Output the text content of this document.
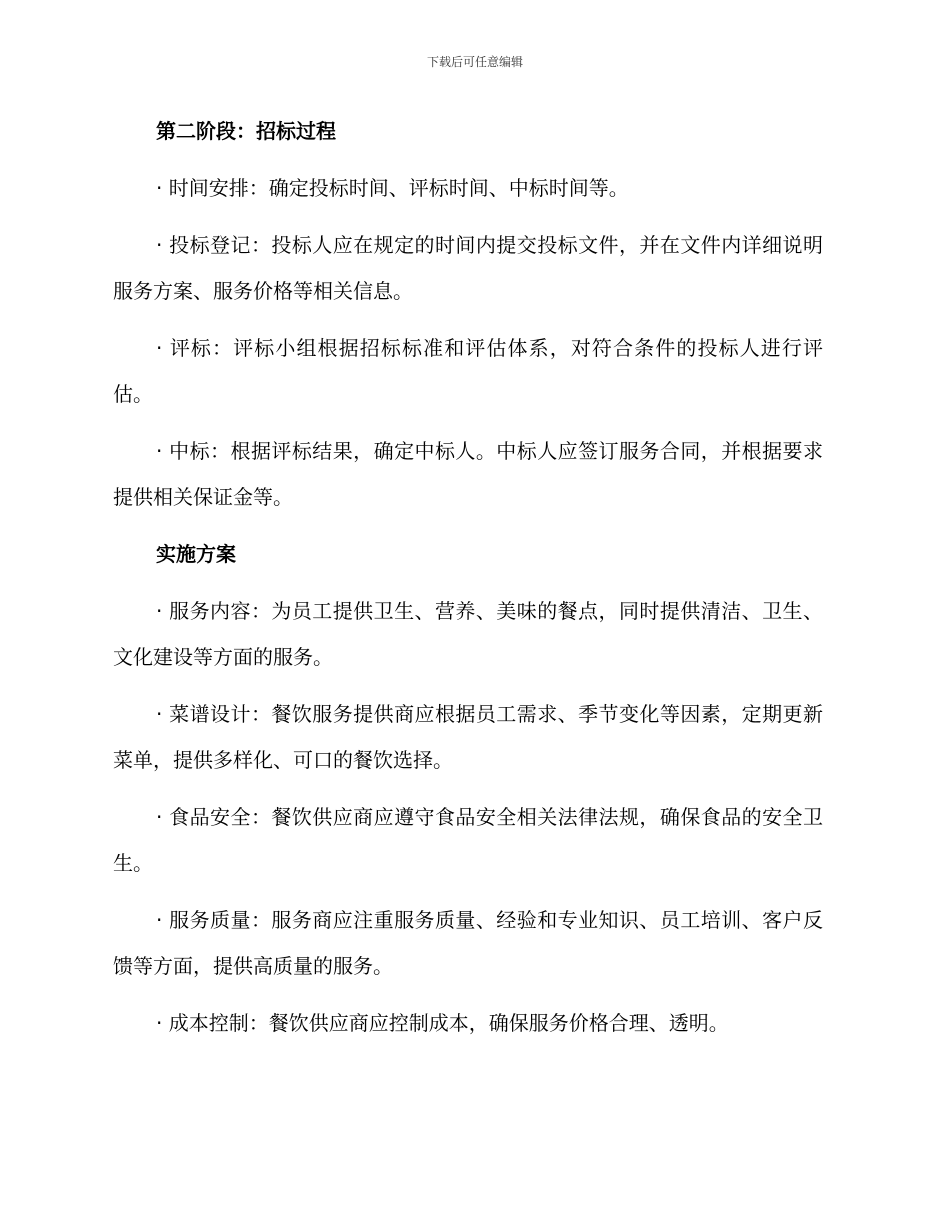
下载后可任意编辑
第二阶段：招标过程
· 时间安排：确定投标时间、评标时间、中标时间等。
· 投标登记：投标人应在规定的时间内提交投标文件，并在文件内详细说明服务方案、服务价格等相关信息。
· 评标：评标小组根据招标标准和评估体系，对符合条件的投标人进行评估。
· 中标：根据评标结果，确定中标人。中标人应签订服务合同，并根据要求提供相关保证金等。
实施方案
· 服务内容：为员工提供卫生、营养、美味的餐点，同时提供清洁、卫生、文化建设等方面的服务。
· 菜谱设计：餐饮服务提供商应根据员工需求、季节变化等因素，定期更新菜单，提供多样化、可口的餐饮选择。
· 食品安全：餐饮供应商应遵守食品安全相关法律法规，确保食品的安全卫生。
· 服务质量：服务商应注重服务质量、经验和专业知识、员工培训、客户反馈等方面，提供高质量的服务。
· 成本控制：餐饮供应商应控制成本，确保服务价格合理、透明。
